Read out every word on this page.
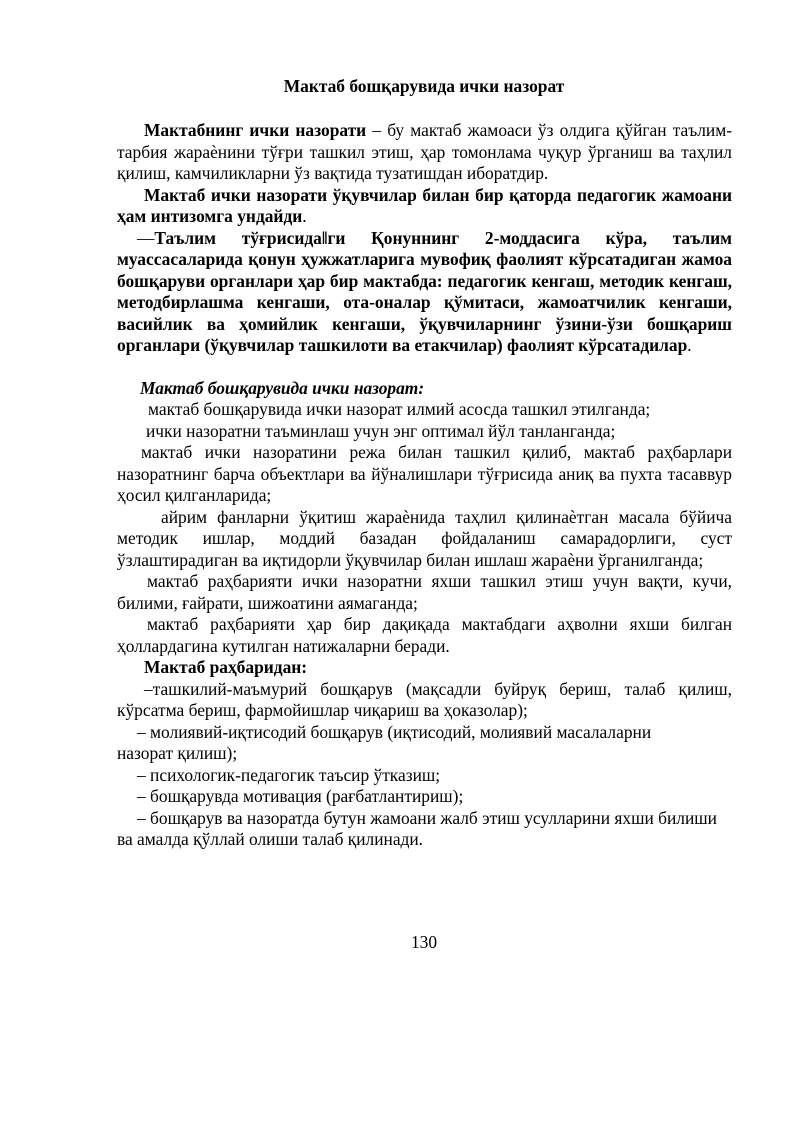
Мактаб бошқарувида ички назорат

Мактабнинг ички назорати – бу мактаб жамоаси ўз олдига қўйган таълим-тарбия жараѐнини тўғри ташкил этиш, ҳар томонлама чуқур ўрганиш ва таҳлил қилиш, камчиликларни ўз вақтида тузатишдан иборатдир.

Мактаб ички назорати ўқувчилар билан бир қаторда педагогик жамоани ҳам интизомга ундайди.

―Таълим тўғрисида‖ги Қонуннинг 2-моддасига кўра, таълим муассасаларида қонун ҳужжатларига мувофиқ фаолият кўрсатадиган жамоа бошқаруви органлари ҳар бир мактабда: педагогик кенгаш, методик кенгаш, методбирлашма кенгаши, ота-оналар қўмитаси, жамоатчилик кенгаши, васийлик ва ҳомийлик кенгаши, ўқувчиларнинг ўзини-ўзи бошқариш органлари (ўқувчилар ташкилоти ва етакчилар) фаолият кўрсатадилар.

Мактаб бошқарувида ички назорат:

мактаб бошқарувида ички назорат илмий асосда ташкил этилганда;

ички назоратни таъминлаш учун энг оптимал йўл танланганда;

мактаб ички назоратини режа билан ташкил қилиб, мактаб раҳбарлари назоратнинг барча объектлари ва йўналишлари тўғрисида аниқ ва пухта тасаввур ҳосил қилганларида;

айрим фанларни ўқитиш жараѐнида таҳлил қилинаѐтган масала бўйича методик ишлар, моддий базадан фойдаланиш самарадорлиги, суст ўзлаштирадиган ва иқтидорли ўқувчилар билан ишлаш жараѐни ўрганилганда;

мактаб раҳбарияти ички назоратни яхши ташкил этиш учун вақти, кучи, билими, ғайрати, шижоатини аямаганда;

мактаб раҳбарияти ҳар бир дақиқада мактабдаги аҳволни яхши билган ҳоллардагина кутилган натижаларни беради.

Мактаб раҳбаридан:

–ташкилий-маъмурий бошқарув (мақсадли буйруқ бериш, талаб қилиш, кўрсатма бериш, фармойишлар чиқариш ва ҳоказолар);

– молиявий-иқтисодий бошқарув (иқтисодий, молиявий масалаларни назорат қилиш);

– психологик-педагогик таъсир ўтказиш;

– бошқарувда мотивация (рағбатлантириш);

– бошқарув ва назоратда бутун жамоани жалб этиш усулларини яхши билиши ва амалда қўллай олиши талаб қилинади.

130
